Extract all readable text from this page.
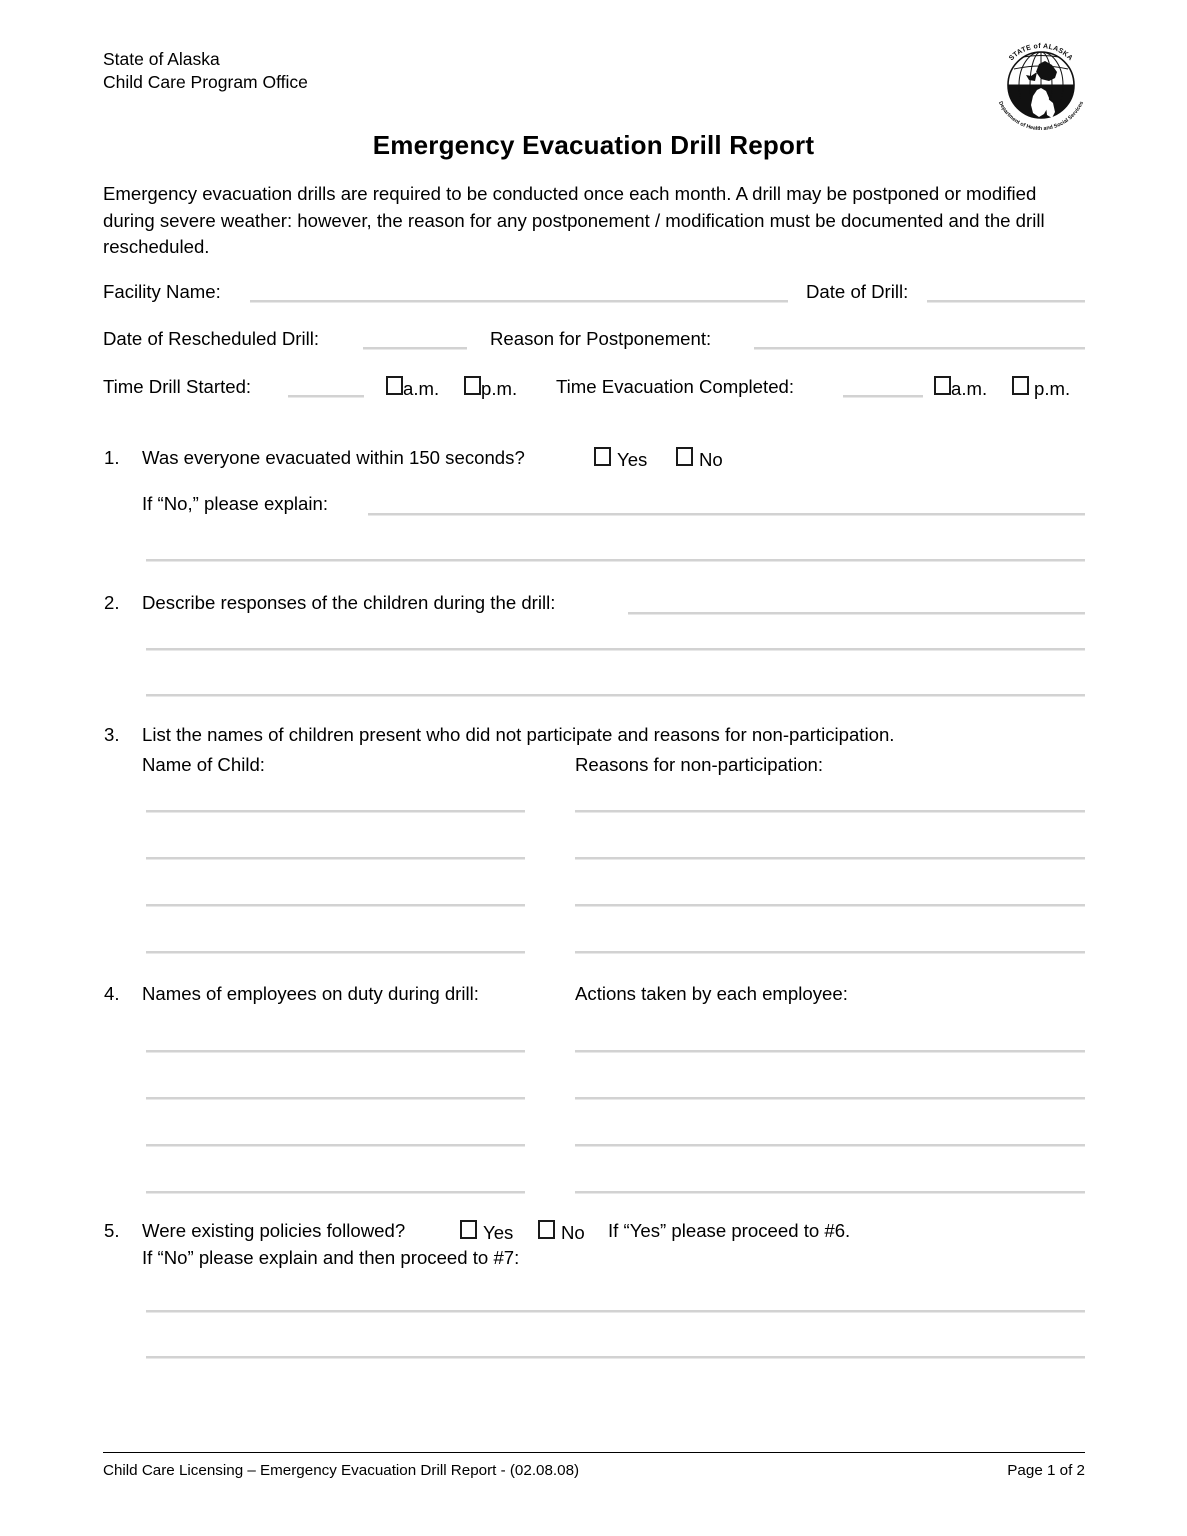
State of Alaska
Child Care Program Office
STATE of ALASKA
Department of Health and Social Services
Emergency Evacuation Drill Report
Emergency evacuation drills are required to be conducted once each month. A drill may be postponed or modified during severe weather: however, the reason for any postponement / modification must be documented and the drill rescheduled.
Facility Name:	Date of Drill:
Date of Rescheduled Drill:	Reason for Postponement:
Time Drill Started:	a.m. p.m. Time Evacuation Completed:	a.m.	p.m.
1. Was everyone evacuated within 150 seconds?	Yes	No
If “No,” please explain:
2. Describe responses of the children during the drill:
3. List the names of children present who did not participate and reasons for non-participation.
Name of Child:	Reasons for non-participation:
4. Names of employees on duty during drill:	Actions taken by each employee:
5. Were existing policies followed?	Yes	No If “Yes” please proceed to #6.
If “No” please explain and then proceed to #7:
Child Care Licensing – Emergency Evacuation Drill Report - (02.08.08)	Page 1 of 2
